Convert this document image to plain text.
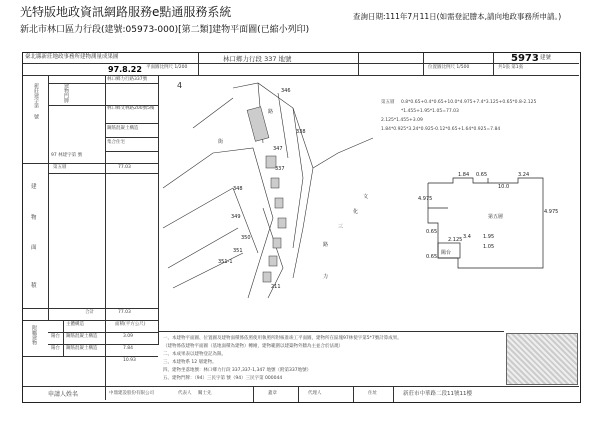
光特版地政資訊網路服務e點通服務系統
新北市林口區力行段(建號:05973-000)[第二類]建物平面圖(已縮小列印)
查詢日期:111年7月11日(如需登記謄本,請向地政事務所申請。)
臺北縣新莊地政事務所建物測量成果圖	林口鄉力行段 337 地號
平面圖比例尺 1/200	位置圖比例尺 1/500	共1張 第1張
5973 建號
97.8.22
4
林口鄉力行路337號
新莊建字第 號	建物門牌
林口鄉文林路200號5樓
鋼筋混凝土構造
集合住宅
97 林建字第 號
第五層	77.03
建
物
面
積
合計	77.03
附屬建物
主體構造	面積(平方公尺)
陽台 鋼筋混凝土構造	3.09
陽台 鋼筋混凝土構造	7.84
10.93
346
338
347
337
348
349
350
351
351-1
211
文
化
三
路
力
路
街
第五層 0.8*0.65+0.4*0.65+10.0*4.975+7.4*3.125+0.65*0.8-2.125
*1.455+1.95*1.05=77.03
2.125*1.455+3.09
1.84*0.925*3.24*0.925-0.12*0.65+1.64*0.925=7.84
第五層
陽台
1.84 0.65	3.24
4.975
4.975
10.0
3.4 1.95
2.125
1.05
0.65
0.65
一、本建物平面圖、位置圖及建物面積係依照使用執照所附核准竣工平面圖，建物所在區塊97林使字第5*7號計算成果。
（建物係依建物平面圖（基地面積為建物）轉繪，建物範圍以建築物外牆為主並合於法規）
二、本成果表以建物登記為限。
三、本建物系 12 層建物。
四、建物坐落地號：林口鄉力行段 337,337-1,347 地號（附第337地號）
五、建物門牌：（94）三民字第 號（94）三民字第 000044
申請人姓名	中鼎建設股份有限公司	代表人 關士先	蓋章	代理人	住址	新莊市中華路二段11號11樓
